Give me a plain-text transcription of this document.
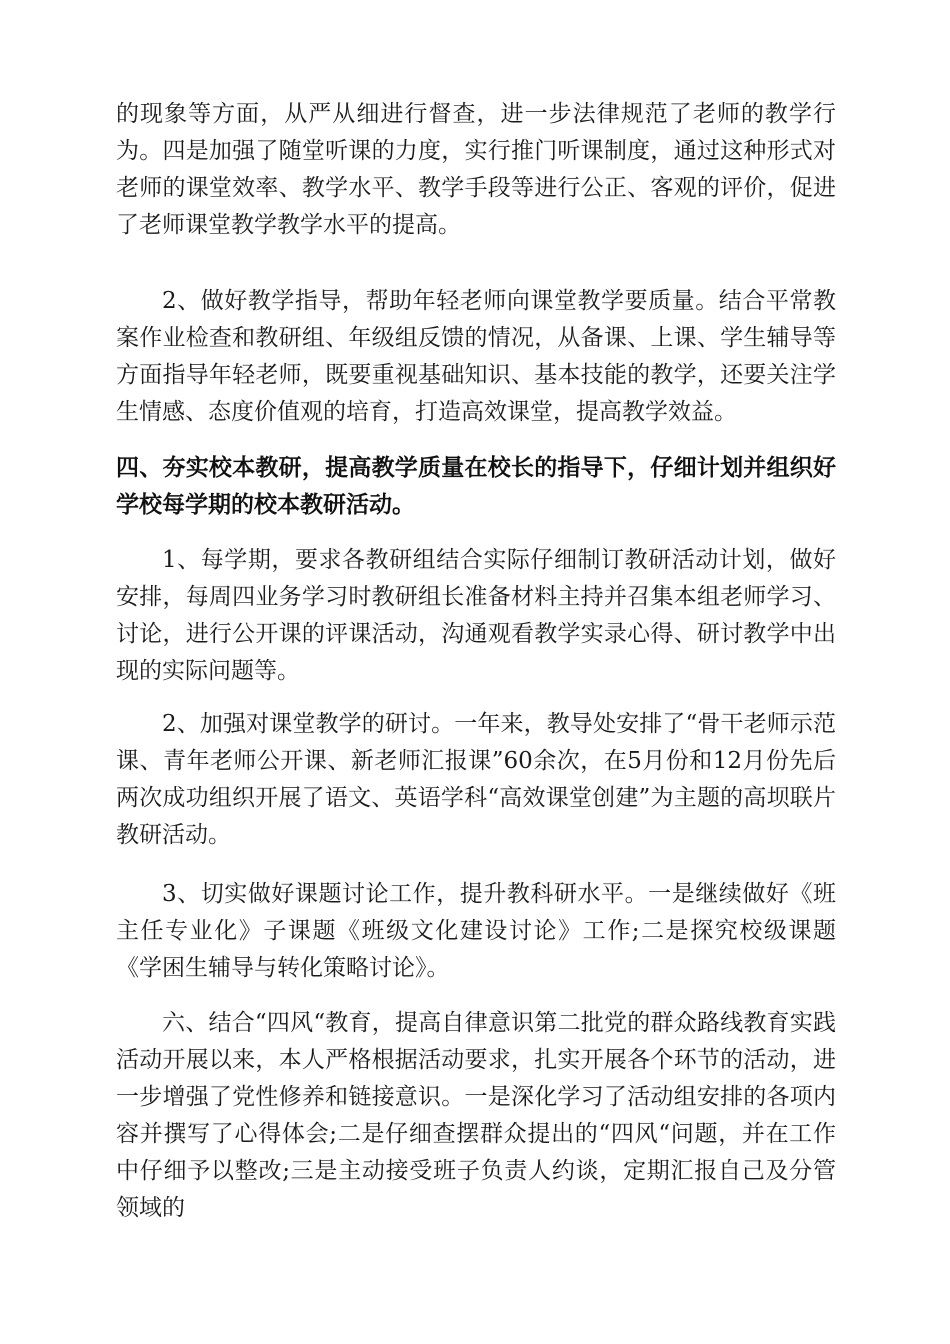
的现象等方面，从严从细进行督查，进一步法律规范了老师的教学行为。四是加强了随堂听课的力度，实行推门听课制度，通过这种形式对老师的课堂效率、教学水平、教学手段等进行公正、客观的评价，促进了老师课堂教学教学水平的提高。

2、做好教学指导，帮助年轻老师向课堂教学要质量。结合平常教案作业检查和教研组、年级组反馈的情况，从备课、上课、学生辅导等方面指导年轻老师，既要重视基础知识、基本技能的教学，还要关注学生情感、态度价值观的培育，打造高效课堂，提高教学效益。

四、夯实校本教研，提高教学质量在校长的指导下，仔细计划并组织好学校每学期的校本教研活动。

1、每学期，要求各教研组结合实际仔细制订教研活动计划，做好安排，每周四业务学习时教研组长准备材料主持并召集本组老师学习、讨论，进行公开课的评课活动，沟通观看教学实录心得、研讨教学中出现的实际问题等。

2、加强对课堂教学的研讨。一年来，教导处安排了“骨干老师示范课、青年老师公开课、新老师汇报课”60余次，在5月份和12月份先后两次成功组织开展了语文、英语学科“高效课堂创建”为主题的高坝联片教研活动。

3、切实做好课题讨论工作，提升教科研水平。一是继续做好《班主任专业化》子课题《班级文化建设讨论》工作;二是探究校级课题《学困生辅导与转化策略讨论》。

六、结合“四风“教育，提高自律意识第二批党的群众路线教育实践活动开展以来，本人严格根据活动要求，扎实开展各个环节的活动，进一步增强了党性修养和链接意识。一是深化学习了活动组安排的各项内容并撰写了心得体会;二是仔细查摆群众提出的“四风“问题，并在工作中仔细予以整改;三是主动接受班子负责人约谈，定期汇报自己及分管领域的
